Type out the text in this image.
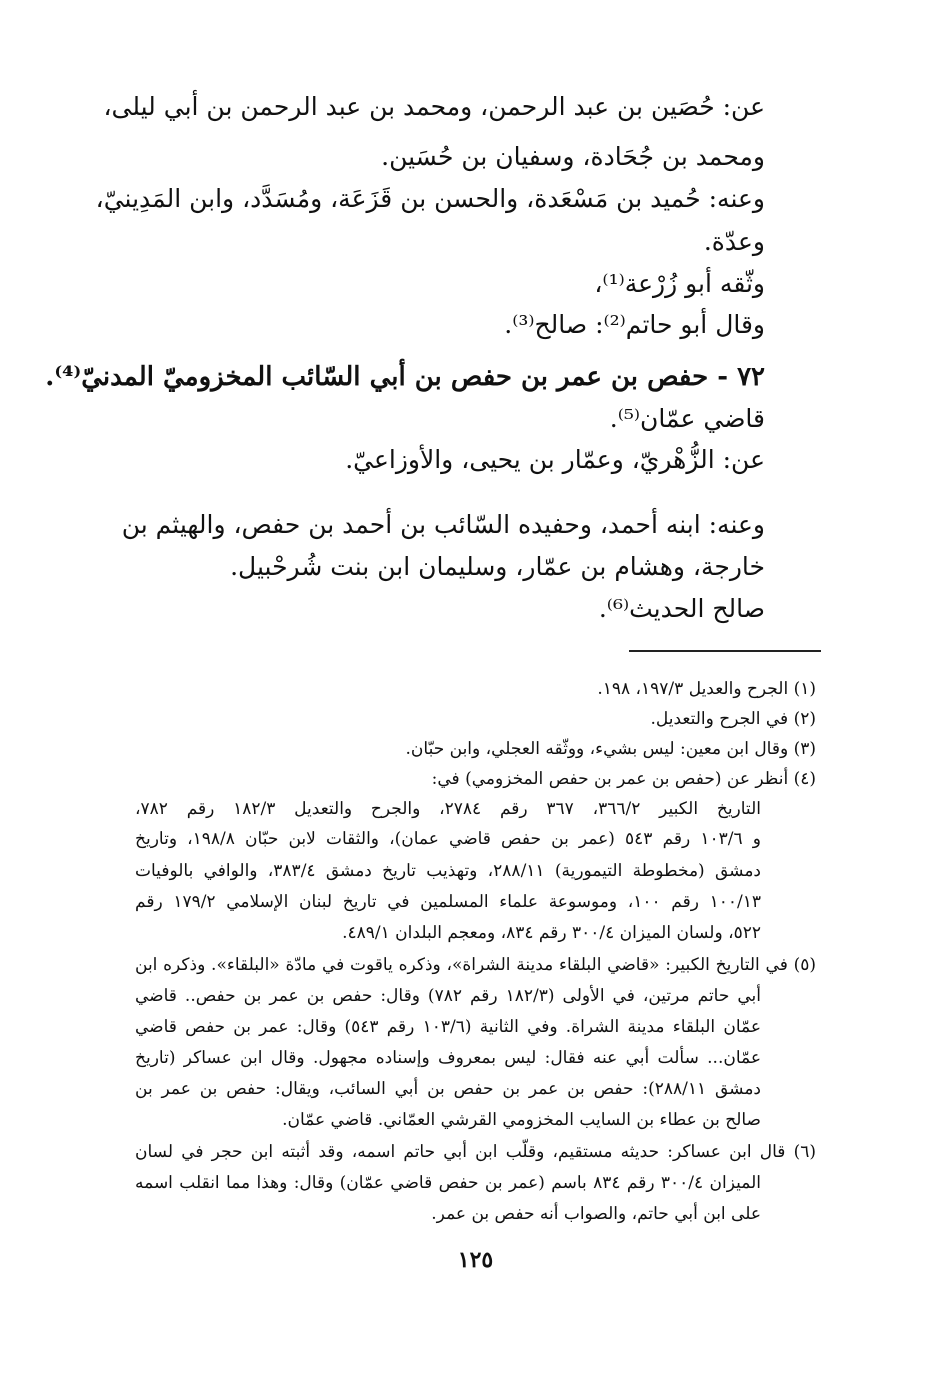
عن: حُصَين بن عبد الرحمن، ومحمد بن عبد الرحمن بن أبي ليلى،
ومحمد بن جُحَادة، وسفيان بن حُسَين.
وعنه: حُميد بن مَسْعَدة، والحسن بن قَزَعَة، ومُسَدَّد، وابن المَدِينيّ،
وعدّة.
وثّقه أبو زُرْعة⁽¹⁾،
وقال أبو حاتم⁽²⁾: صالح⁽³⁾.
٧٢ - حفص بن عمر بن حفص بن أبي السّائب المخزوميّ المدنيّ⁽⁴⁾.
قاضي عمّان⁽⁵⁾.
عن: الزُّهْريّ، وعمّار بن يحيى، والأوزاعيّ.
وعنه: ابنه أحمد، وحفيده السّائب بن أحمد بن حفص، والهيثم بن
خارجة، وهشام بن عمّار، وسليمان ابن بنت شُرحْبيل.
صالح الحديث⁽⁶⁾.
(١) الجرح والعديل ١٩٧/٣، ١٩٨.
(٢) في الجرح والتعديل.
(٣) وقال ابن معين: ليس بشيء، ووثّقه العجلي، وابن حبّان.
(٤) أنظر عن (حفص بن عمر بن حفص المخزومي) في:
التاريخ الكبير ٣٦٦/٢، ٣٦٧ رقم ٢٧٨٤، والجرح والتعديل ١٨٢/٣ رقم ٧٨٢،
و ١٠٣/٦ رقم ٥٤٣ (عمر بن حفص قاضي عمان)، والثقات لابن حبّان ١٩٨/٨، وتاريخ
دمشق (مخطوطة التيمورية) ٢٨٨/١١، وتهذيب تاريخ دمشق ٣٨٣/٤، والوافي بالوفيات
١٠٠/١٣ رقم ١٠٠، وموسوعة علماء المسلمين في تاريخ لبنان الإسلامي ١٧٩/٢ رقم
٥٢٢، ولسان الميزان ٣٠٠/٤ رقم ٨٣٤، ومعجم البلدان ٤٨٩/١.
(٥) في التاريخ الكبير: «قاضي البلقاء مدينة الشراة»، وذكره ياقوت في مادّة «البلقاء». وذكره ابن
أبي حاتم مرتين، في الأولى (١٨٢/٣ رقم ٧٨٢) وقال: حفص بن عمر بن حفص.. قاضي
عمّان البلقاء مدينة الشراة. وفي الثانية (١٠٣/٦ رقم ٥٤٣) وقال: عمر بن حفص قاضي
عمّان... سألت أبي عنه فقال: ليس بمعروف وإسناده مجهول. وقال ابن عساكر (تاريخ
دمشق ٢٨٨/١١): حفص بن عمر بن حفص بن أبي السائب، ويقال: حفص بن عمر بن
صالح بن عطاء بن السايب المخزومي القرشي العمّاني. قاضي عمّان.
(٦) قال ابن عساكر: حديثه مستقيم، وقلّب ابن أبي حاتم اسمه، وقد أثبته ابن حجر في لسان
الميزان ٣٠٠/٤ رقم ٨٣٤ باسم (عمر بن حفص قاضي عمّان) وقال: وهذا مما انقلب اسمه
على ابن أبي حاتم، والصواب أنه حفص بن عمر.
١٢٥
